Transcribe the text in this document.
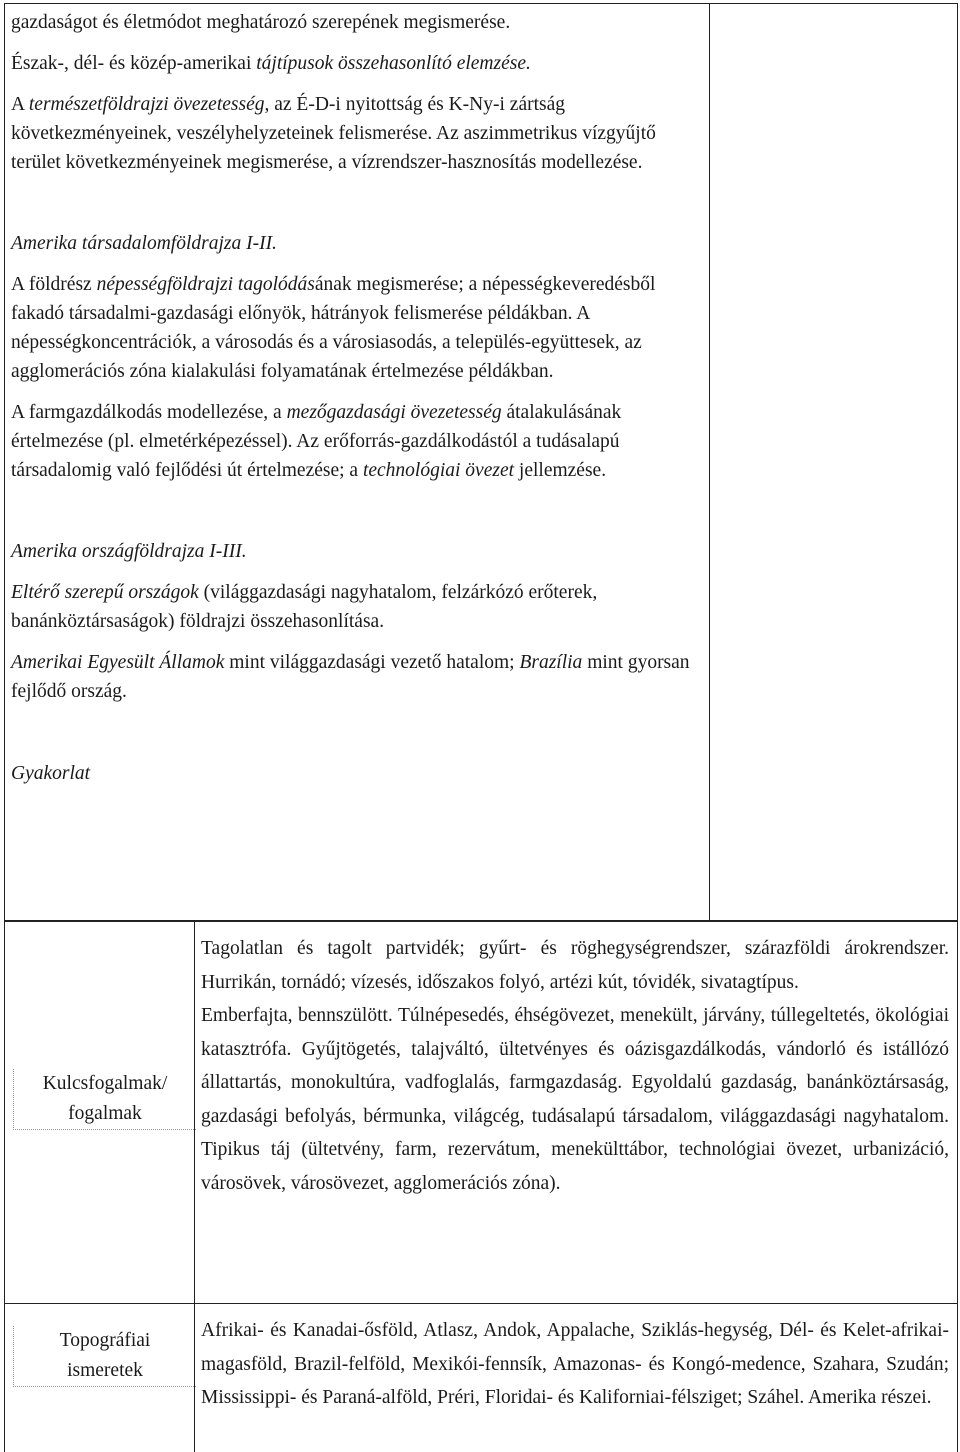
gazdaságot és életmódot meghatározó szerepének megismerése.

Észak-, dél- és közép-amerikai tájtípusok összehasonlító elemzése.

A természetföldrajzi övezetesség, az É-D-i nyitottság és K-Ny-i zártság következményeinek, veszélyhelyzeteinek felismerése. Az aszimmetrikus vízgyűjtő terület következményeinek megismerése, a vízrendszer-hasznosítás modellezése.

Amerika társadalomföldrajza I-II.

A földrész népességföldrajzi tagolódásának megismerése; a népességkeveredésből fakadó társadalmi-gazdasági előnyök, hátrányok felismerése példákban. A népességkoncentrációk, a városodás és a városiasodás, a település-együttesek, az agglomerációs zóna kialakulási folyamatának értelmezése példákban.

A farmgazdálkodás modellezése, a mezőgazdasági övezetesség átalakulásának értelmezése (pl. elmetérképezéssel). Az erőforrás-gazdálkodástól a tudásalapú társadalomig való fejlődési út értelmezése; a technológiai övezet jellemzése.

Amerika országföldrajza I-III.

Eltérő szerepű országok (világgazdasági nagyhatalom, felzárkózó erőterek, banánköztársaságok) földrajzi összehasonlítása.

Amerikai Egyesült Államok mint világgazdasági vezető hatalom; Brazília mint gyorsan fejlődő ország.

Gyakorlat

Kulcsfogalmak/
fogalmak

Tagolatlan és tagolt partvidék; gyűrt- és röghegységrendszer, szárazföldi árokrendszer. Hurrikán, tornádó; vízesés, időszakos folyó, artézi kút, tóvidék, sivatagtípus.

Emberfajta, bennszülött. Túlnépesedés, éhségövezet, menekült, járvány, túllegeltetés, ökológiai katasztrófa. Gyűjtögetés, talajváltó, ültetvényes és oázisgazdálkodás, vándorló és istállózó állattartás, monokultúra, vadfoglalás, farmgazdaság. Egyoldalú gazdaság, banánköztársaság, gazdasági befolyás, bérmunka, világcég, tudásalapú társadalom, világgazdasági nagyhatalom. Tipikus táj (ültetvény, farm, rezervátum, menekülttábor, technológiai övezet, urbanizáció, városövek, városövezet, agglomerációs zóna).

Topográfiai
ismeretek

Afrikai- és Kanadai-ősföld, Atlasz, Andok, Appalache, Sziklás-hegység, Dél- és Kelet-afrikai- magasföld, Brazil-felföld, Mexikói-fennsík, Amazonas- és Kongó-medence, Szahara, Szudán; Mississippi- és Paraná-alföld, Préri, Floridai- és Kaliforniai-félsziget; Száhel. Amerika részei.
